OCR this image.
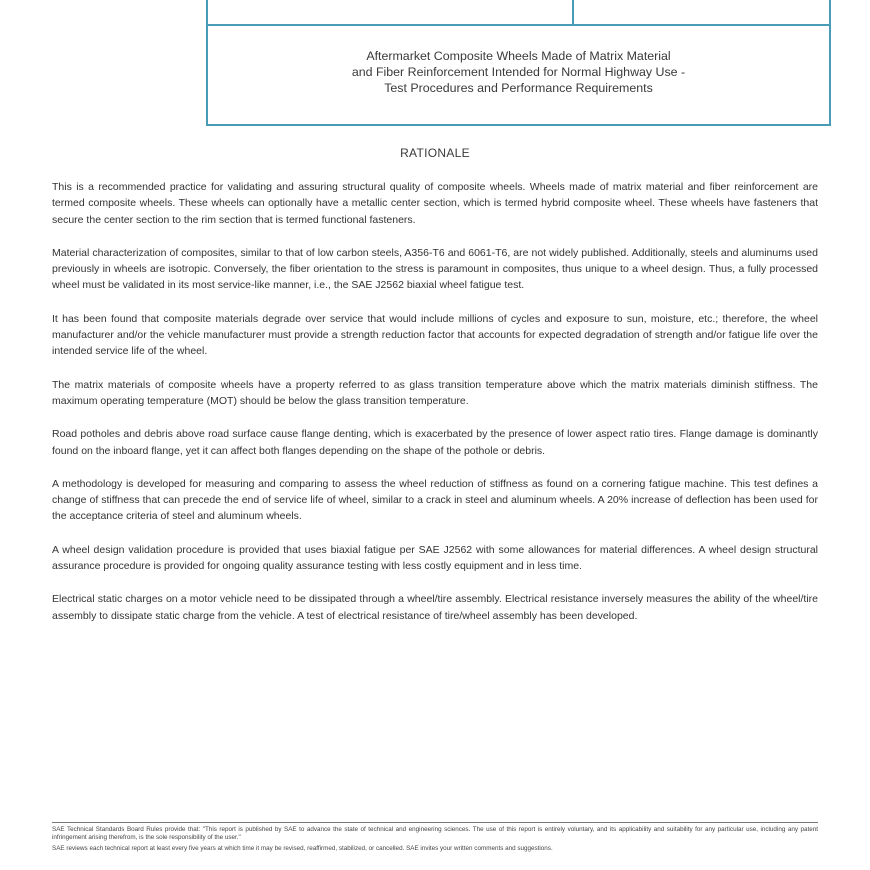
Aftermarket Composite Wheels Made of Matrix Material
and Fiber Reinforcement Intended for Normal Highway Use -
Test Procedures and Performance Requirements
RATIONALE

This is a recommended practice for validating and assuring structural quality of composite wheels. Wheels made of matrix material and fiber reinforcement are termed composite wheels. These wheels can optionally have a metallic center section, which is termed hybrid composite wheel. These wheels have fasteners that secure the center section to the rim section that is termed functional fasteners.

Material characterization of composites, similar to that of low carbon steels, A356-T6 and 6061-T6, are not widely published. Additionally, steels and aluminums used previously in wheels are isotropic. Conversely, the fiber orientation to the stress is paramount in composites, thus unique to a wheel design. Thus, a fully processed wheel must be validated in its most service-like manner, i.e., the SAE J2562 biaxial wheel fatigue test.

It has been found that composite materials degrade over service that would include millions of cycles and exposure to sun, moisture, etc.; therefore, the wheel manufacturer and/or the vehicle manufacturer must provide a strength reduction factor that accounts for expected degradation of strength and/or fatigue life over the intended service life of the wheel.

The matrix materials of composite wheels have a property referred to as glass transition temperature above which the matrix materials diminish stiffness. The maximum operating temperature (MOT) should be below the glass transition temperature.

Road potholes and debris above road surface cause flange denting, which is exacerbated by the presence of lower aspect ratio tires. Flange damage is dominantly found on the inboard flange, yet it can affect both flanges depending on the shape of the pothole or debris.

A methodology is developed for measuring and comparing to assess the wheel reduction of stiffness as found on a cornering fatigue machine. This test defines a change of stiffness that can precede the end of service life of wheel, similar to a crack in steel and aluminum wheels. A 20% increase of deflection has been used for the acceptance criteria of steel and aluminum wheels.

A wheel design validation procedure is provided that uses biaxial fatigue per SAE J2562 with some allowances for material differences. A wheel design structural assurance procedure is provided for ongoing quality assurance testing with less costly equipment and in less time.

Electrical static charges on a motor vehicle need to be dissipated through a wheel/tire assembly. Electrical resistance inversely measures the ability of the wheel/tire assembly to dissipate static charge from the vehicle. A test of electrical resistance of tire/wheel assembly has been developed.

SAE Technical Standards Board Rules provide that: "This report is published by SAE to advance the state of technical and engineering sciences. The use of this report is entirely voluntary, and its applicability and suitability for any particular use, including any patent infringement arising therefrom, is the sole responsibility of the user."

SAE reviews each technical report at least every five years at which time it may be revised, reaffirmed, stabilized, or cancelled. SAE invites your written comments and suggestions.
